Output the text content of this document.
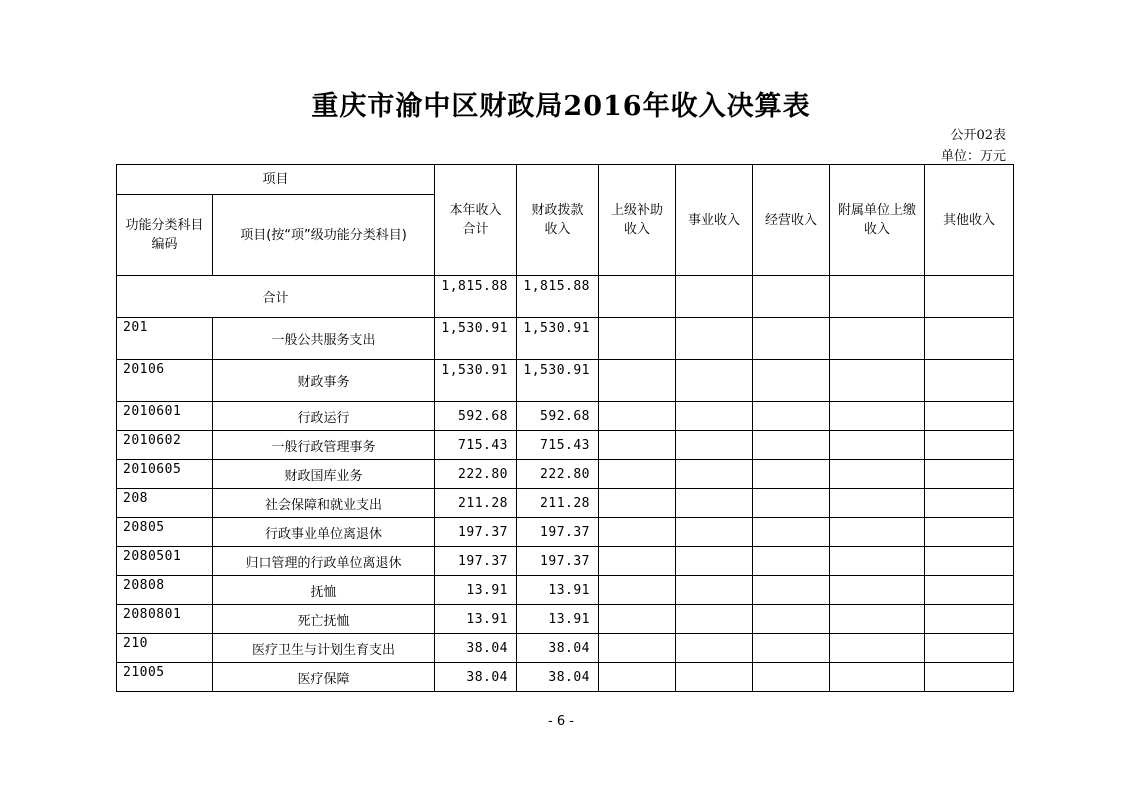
重庆市渝中区财政局2016年收入决算表
公开02表
单位：万元
项目		本年收入合计	财政拨款收入	上级补助收入	事业收入	经营收入	附属单位上缴收入	其他收入
功能分类科目编码	项目(按“项”级功能分类科目)							
合计		1,815.88	1,815.88					
201	一般公共服务支出	1,530.91	1,530.91					
20106	财政事务	1,530.91	1,530.91					
2010601	行政运行	592.68	592.68					
2010602	一般行政管理事务	715.43	715.43					
2010605	财政国库业务	222.80	222.80					
208	社会保障和就业支出	211.28	211.28					
20805	行政事业单位离退休	197.37	197.37					
2080501	归口管理的行政单位离退休	197.37	197.37					
20808	抚恤	13.91	13.91					
2080801	死亡抚恤	13.91	13.91					
210	医疗卫生与计划生育支出	38.04	38.04					
21005	医疗保障	38.04	38.04					
- 6 -
